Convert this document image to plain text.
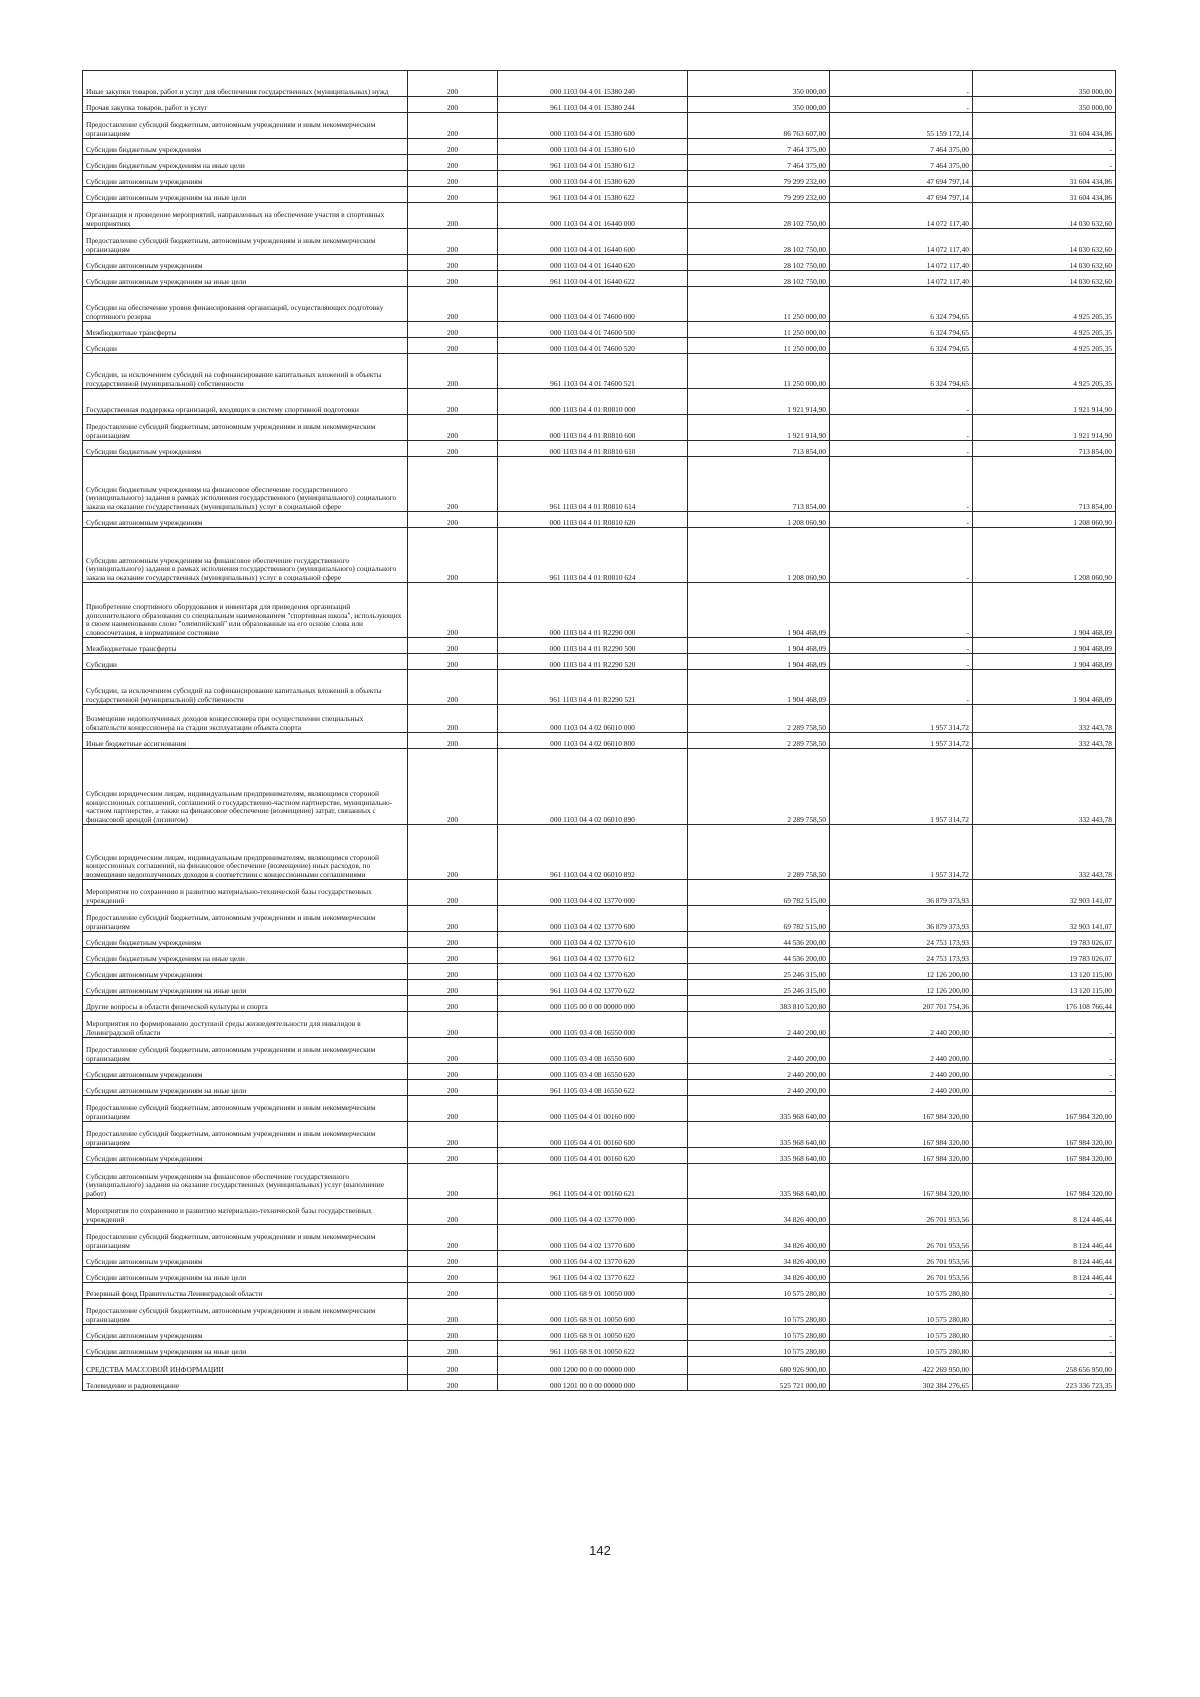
Иные закупки товаров, работ и услуг для обеспечения государственных (муниципальных) нужд	200	000 1103 04 4 01 15380 240	350 000,00	-	350 000,00
Прочая закупка товаров, работ и услуг	200	961 1103 04 4 01 15380 244	350 000,00	-	350 000,00
Предоставление субсидий бюджетным, автономным учреждениям и иным некоммерческим организациям	200	000 1103 04 4 01 15380 600	86 763 607,00	55 159 172,14	31 604 434,86
Субсидии бюджетным учреждениям	200	000 1103 04 4 01 15380 610	7 464 375,00	7 464 375,00	-
Субсидии бюджетным учреждениям на иные цели	200	961 1103 04 4 01 15380 612	7 464 375,00	7 464 375,00	-
Субсидии автономным учреждениям	200	000 1103 04 4 01 15380 620	79 299 232,00	47 694 797,14	31 604 434,86
Субсидии автономным учреждениям на иные цели	200	961 1103 04 4 01 15380 622	79 299 232,00	47 694 797,14	31 604 434,86
Организация и проведение мероприятий, направленных на обеспечение участия в спортивных мероприятиях	200	000 1103 04 4 01 16440 000	28 102 750,00	14 072 117,40	14 030 632,60
Предоставление субсидий бюджетным, автономным учреждениям и иным некоммерческим организациям	200	000 1103 04 4 01 16440 600	28 102 750,00	14 072 117,40	14 030 632,60
Субсидии автономным учреждениям	200	000 1103 04 4 01 16440 620	28 102 750,00	14 072 117,40	14 030 632,60
Субсидии автономным учреждениям на иные цели	200	961 1103 04 4 01 16440 622	28 102 750,00	14 072 117,40	14 030 632,60
Субсидии на обеспечение уровня финансирования организаций, осуществляющих подготовку спортивного резерва	200	000 1103 04 4 01 74600 000	11 250 000,00	6 324 794,65	4 925 205,35
Межбюджетные трансферты	200	000 1103 04 4 01 74600 500	11 250 000,00	6 324 794,65	4 925 205,35
Субсидии	200	000 1103 04 4 01 74600 520	11 250 000,00	6 324 794,65	4 925 205,35
Субсидии, за исключением субсидий на софинансирование капитальных вложений в объекты государственной (муниципальной) собственности	200	961 1103 04 4 01 74600 521	11 250 000,00	6 324 794,65	4 925 205,35
Государственная поддержка организаций, входящих в систему спортивной подготовки	200	000 1103 04 4 01 R0810 000	1 921 914,90	-	1 921 914,90
Предоставление субсидий бюджетным, автономным учреждениям и иным некоммерческим организациям	200	000 1103 04 4 01 R0810 600	1 921 914,90	-	1 921 914,90
Субсидии бюджетным учреждениям	200	000 1103 04 4 01 R0810 610	713 854,00	-	713 854,00
Субсидии бюджетным учреждениям на финансовое обеспечение государственного (муниципального) задания в рамках исполнения государственного (муниципального) социального заказа на оказание государственных (муниципальных) услуг в социальной сфере	200	961 1103 04 4 01 R0810 614	713 854,00	-	713 854,00
Субсидии автономным учреждениям	200	000 1103 04 4 01 R0810 620	1 208 060,90	-	1 208 060,90
Субсидии автономным учреждениям на финансовое обеспечение государственного (муниципального) задания в рамках исполнения государственного (муниципального) социального заказа на оказание государственных (муниципальных) услуг в социальной сфере	200	961 1103 04 4 01 R0810 624	1 208 060,90	-	1 208 060,90
Приобретение спортивного оборудования и инвентаря для приведения организаций дополнительного образования со специальным наименованием "спортивная школа", использующих в своем наименовании слово "олимпийский" или образованные на его основе слова или словосочетания, в нормативное состояние	200	000 1103 04 4 01 R2290 000	1 904 468,09	-	1 904 468,09
Межбюджетные трансферты	200	000 1103 04 4 01 R2290 500	1 904 468,09	-	1 904 468,09
Субсидии	200	000 1103 04 4 01 R2290 520	1 904 468,09	-	1 904 468,09
Субсидии, за исключением субсидий на софинансирование капитальных вложений в объекты государственной (муниципальной) собственности	200	961 1103 04 4 01 R2290 521	1 904 468,09	-	1 904 468,09
Возмещение недополученных доходов концессионера при осуществлении специальных обязательств концессионера на стадии эксплуатации объекта спорта	200	000 1103 04 4 02 06010 000	2 289 758,50	1 957 314,72	332 443,78
Иные бюджетные ассигнования	200	000 1103 04 4 02 06010 800	2 289 758,50	1 957 314,72	332 443,78
Субсидии юридическим лицам, индивидуальным предпринимателям, являющимся стороной концессионных соглашений, соглашений о государственно-частном партнерстве, муниципально-частном партнерстве, а также на финансовое обеспечение (возмещение) затрат, связанных с финансовой арендой (лизингом)	200	000 1103 04 4 02 06010 890	2 289 758,50	1 957 314,72	332 443,78
Субсидии юридическим лицам, индивидуальным предпринимателям, являющимся стороной концессионных соглашений, на финансовое обеспечение (возмещение) иных расходов, по возмещению недополученных доходов в соответствии с концессионными соглашениями	200	961 1103 04 4 02 06010 892	2 289 758,50	1 957 314,72	332 443,78
Мероприятия по сохранению и развитию материально-технической базы государственных учреждений	200	000 1103 04 4 02 13770 000	69 782 515,00	36 879 373,93	32 903 141,07
Предоставление субсидий бюджетным, автономным учреждениям и иным некоммерческим организациям	200	000 1103 04 4 02 13770 600	69 782 515,00	36 879 373,93	32 903 141,07
Субсидии бюджетным учреждениям	200	000 1103 04 4 02 13770 610	44 536 200,00	24 753 173,93	19 783 026,07
Субсидии бюджетным учреждениям на иные цели	200	961 1103 04 4 02 13770 612	44 536 200,00	24 753 173,93	19 783 026,07
Субсидии автономным учреждениям	200	000 1103 04 4 02 13770 620	25 246 315,00	12 126 200,00	13 120 115,00
Субсидии автономным учреждениям на иные цели	200	961 1103 04 4 02 13770 622	25 246 315,00	12 126 200,00	13 120 115,00
Другие вопросы в области физической культуры и спорта	200	000 1105 00 0 00 00000 000	383 810 520,80	207 701 754,36	176 108 766,44
Мероприятия по формированию доступной среды жизнедеятельности для инвалидов в Ленинградской области	200	000 1105 03 4 08 16550 000	2 440 200,00	2 440 200,00	-
Предоставление субсидий бюджетным, автономным учреждениям и иным некоммерческим организациям	200	000 1105 03 4 08 16550 600	2 440 200,00	2 440 200,00	-
Субсидии автономным учреждениям	200	000 1105 03 4 08 16550 620	2 440 200,00	2 440 200,00	-
Субсидии автономным учреждениям на иные цели	200	961 1105 03 4 08 16550 622	2 440 200,00	2 440 200,00	-
Предоставление субсидий бюджетным, автономным учреждениям и иным некоммерческим организациям	200	000 1105 04 4 01 00160 000	335 968 640,00	167 984 320,00	167 984 320,00
Предоставление субсидий бюджетным, автономным учреждениям и иным некоммерческим организациям	200	000 1105 04 4 01 00160 600	335 968 640,00	167 984 320,00	167 984 320,00
Субсидии автономным учреждениям	200	000 1105 04 4 01 00160 620	335 968 640,00	167 984 320,00	167 984 320,00
Субсидии автономным учреждениям на финансовое обеспечение государственного (муниципального) задания на оказание государственных (муниципальных) услуг (выполнение работ)	200	961 1105 04 4 01 00160 621	335 968 640,00	167 984 320,00	167 984 320,00
Мероприятия по сохранению и развитию материально-технической базы государственных учреждений	200	000 1105 04 4 02 13770 000	34 826 400,00	26 701 953,56	8 124 446,44
Предоставление субсидий бюджетным, автономным учреждениям и иным некоммерческим организациям	200	000 1105 04 4 02 13770 600	34 826 400,00	26 701 953,56	8 124 446,44
Субсидии автономным учреждениям	200	000 1105 04 4 02 13770 620	34 826 400,00	26 701 953,56	8 124 446,44
Субсидии автономным учреждениям на иные цели	200	961 1105 04 4 02 13770 622	34 826 400,00	26 701 953,56	8 124 446,44
Резервный фонд Правительства Ленинградской области	200	000 1105 68 9 01 10050 000	10 575 280,80	10 575 280,80	-
Предоставление субсидий бюджетным, автономным учреждениям и иным некоммерческим организациям	200	000 1105 68 9 01 10050 600	10 575 280,80	10 575 280,80	-
Субсидии автономным учреждениям	200	000 1105 68 9 01 10050 620	10 575 280,80	10 575 280,80	-
Субсидии автономным учреждениям на иные цели	200	961 1105 68 9 01 10050 622	10 575 280,80	10 575 280,80	-
СРЕДСТВА МАССОВОЙ ИНФОРМАЦИИ	200	000 1200 00 0 00 00000 000	680 926 900,00	422 269 950,00	258 656 950,00
Телевидение и радиовещание	200	000 1201 00 0 00 00000 000	525 721 000,00	302 384 276,65	223 336 723,35
142
